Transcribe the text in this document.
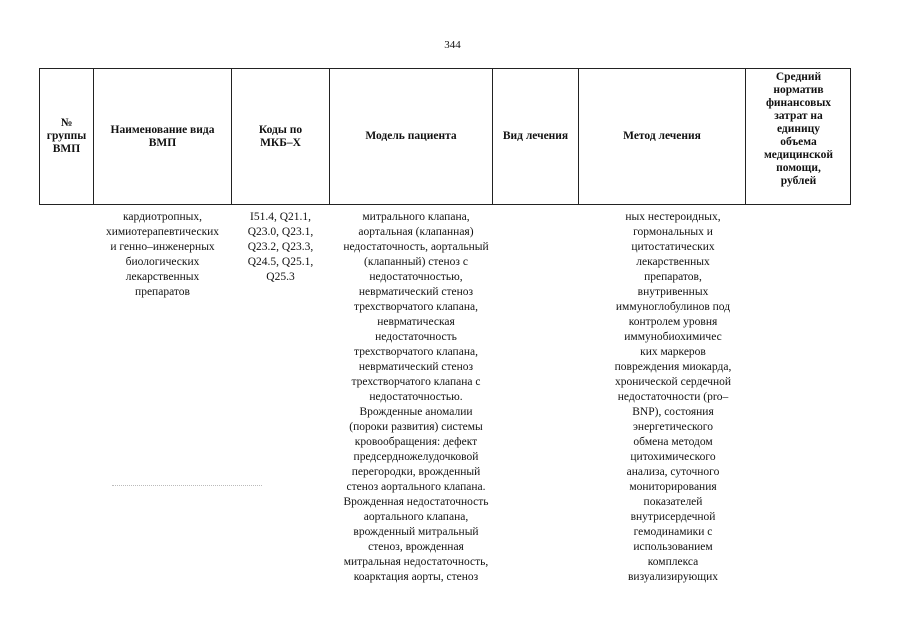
344
№
группы
ВМП
Наименование вида
ВМП
Коды по
МКБ–Х
Модель пациента	Вид лечения	Метод лечения
Средний
норматив
финансовых
затрат на
единицу
объема
медицинской
помощи,
рублей
кардиотропных,
химиотерапевтических
и генно–инженерных
биологических
лекарственных
препаратов
I51.4, Q21.1,
Q23.0, Q23.1,
Q23.2, Q23.3,
Q24.5, Q25.1,
Q25.3
митрального клапана,
аортальная (клапанная)
недостаточность, аортальный
(клапанный) стеноз с
недостаточностью,
неврматический стеноз
трехстворчатого клапана,
неврматическая
недостаточность
трехстворчатого клапана,
неврматический стеноз
трехстворчатого клапана с
недостаточностью.
Врожденные аномалии
(пороки развития) системы
кровообращения: дефект
предсердножелудочковой
перегородки, врожденный
стеноз аортального клапана.
Врожденная недостаточность
аортального клапана,
врожденный митральный
стеноз, врожденная
митральная недостаточность,
коарктация аорты, стеноз
ных нестероидных,
гормональных и
цитостатических
лекарственных
препаратов,
внутривенных
иммуноглобулинов под
контролем уровня
иммунобиохимичес
ких маркеров
повреждения миокарда,
хронической сердечной
недостаточности (pro–
BNP), состояния
энергетического
обмена методом
цитохимического
анализа, суточного
мониторирования
показателей
внутрисердечной
гемодинамики с
использованием
комплекса
визуализирующих
